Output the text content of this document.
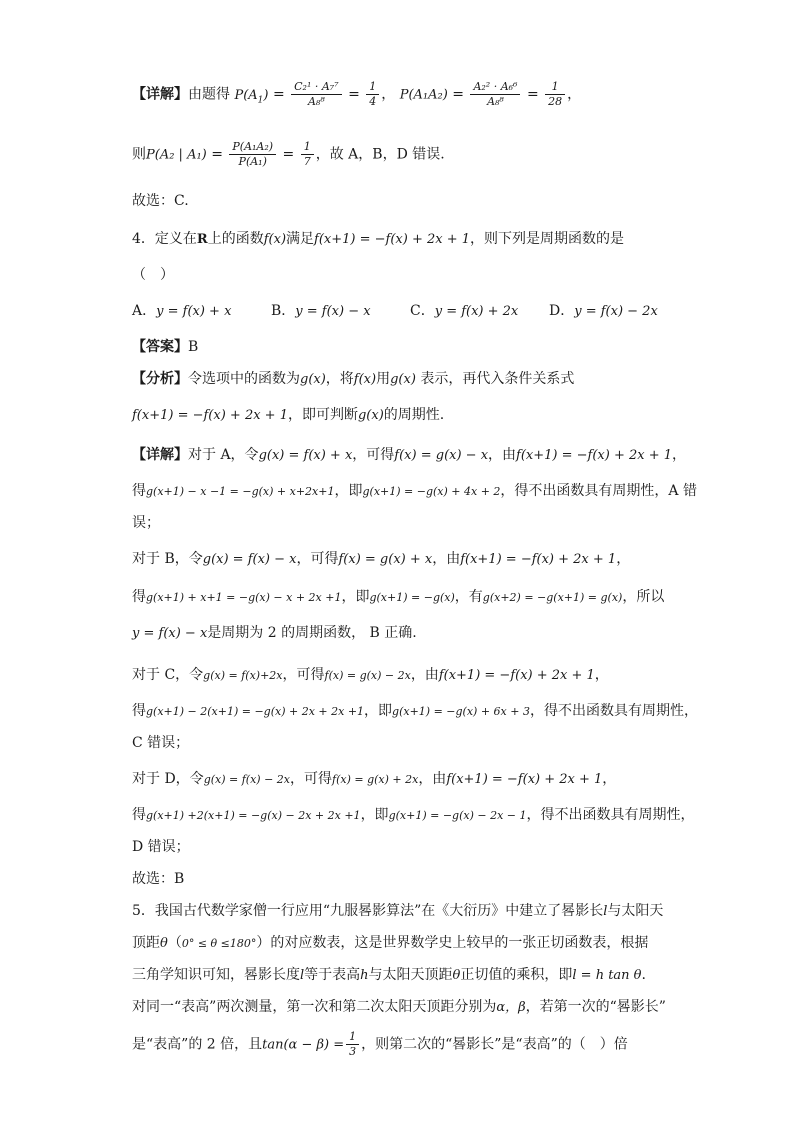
【详解】由题得 $P(A_1) = \frac{\text{C₂¹ · A₇⁷}}{\text{A₈⁸}} = \frac{1}{4}$ ， $P(A_1A_2) = \frac{\text{A₂² · A₆⁶}}{\text{A₈⁸}} = \frac{1}{28}$ ，
则P(A₂ | $A_1) = \frac{\text{P(A₁A₂)}}{\text{P(A₁)}} = \frac{1}{7}$ ，故 A，B，D 错误.
故选：C.
4．定义在R上的函数f(x)满足f(x+1) = −f(x) + 2x + 1，则下列是周期函数的是
（　）
A．y = f(x) + x	B．y = f(x) − x	C．y = f(x) + 2x D．y = f(x) − 2x
【答案】B
【分析】令选项中的函数为g(x)，将f(x)用g(x) 表示，再代入条件关系式
f(x+1) = −f(x) + 2x + 1，即可判断g(x)的周期性.
【详解】对于 A，令g(x) = f(x) + x，可得f(x) = g(x) − x，由f(x+1) = −f(x) + 2x + 1，
得g(x+1) − x −1 = −g(x) + x+2x+1，即g(x+1) = −g(x) + 4x + 2，得不出函数具有周期性，A 错
误；
对于 B，令g(x) = f(x) − x，可得f(x) = g(x) + x，由f(x+1) = −f(x) + 2x + 1，
得g(x+1) + x+1 = −g(x) − x + 2x +1，即g(x+1) = −g(x)，有g(x+2) = −g(x+1) = g(x)，所以
y = f(x) − x是周期为 2 的周期函数， B 正确.
对于 C，令g(x) = f(x)+2x，可得f(x) = g(x) − 2x，由f(x+1) = −f(x) + 2x + 1，
得g(x+1) − 2(x+1) = −g(x) + 2x + 2x +1，即g(x+1) = −g(x) + 6x + 3，得不出函数具有周期性，
C 错误；
对于 D，令g(x) = f(x) − 2x，可得f(x) = g(x) + 2x，由f(x+1) = −f(x) + 2x + 1，
得g(x+1) +2(x+1) = −g(x) − 2x + 2x +1，即g(x+1) = −g(x) − 2x − 1，得不出函数具有周期性，
D 错误；
故选：B
5．我国古代数学家僧一行应用“九服晷影算法”在《大衍历》中建立了晷影长l与太阳天
顶距θ（0° ≤ θ ≤180°）的对应数表，这是世界数学史上较早的一张正切函数表，根据
三角学知识可知，晷影长度l等于表高h与太阳天顶距θ正切值的乘积，即l = h tan θ.
对同一“表高”两次测量，第一次和第二次太阳天顶距分别为α，β，若第一次的“晷影长”
是“表高”的 2 倍，且$\tan(\alpha - \beta) = \frac{1}{3}$ ，则第二次的“晷影长”是“表高”的（　）倍
